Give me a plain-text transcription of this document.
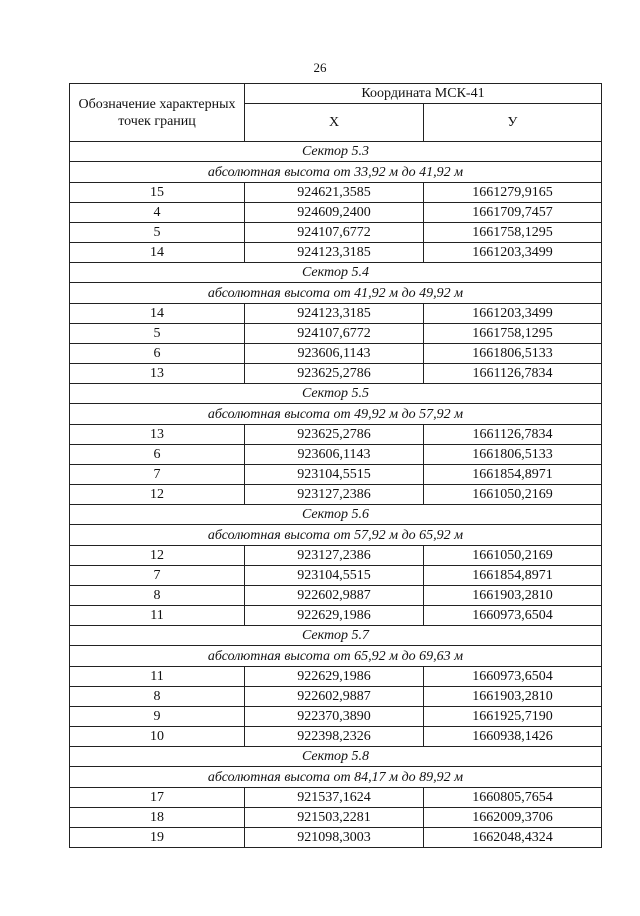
26
Обозначение характерных точек границ	Координата МСК-41	
	Х	У
Сектор 5.3		
абсолютная высота от 33,92 м до 41,92 м		
15	924621,3585	1661279,9165
4	924609,2400	1661709,7457
5	924107,6772	1661758,1295
14	924123,3185	1661203,3499
Сектор 5.4		
абсолютная высота от 41,92 м до 49,92 м		
14	924123,3185	1661203,3499
5	924107,6772	1661758,1295
6	923606,1143	1661806,5133
13	923625,2786	1661126,7834
Сектор 5.5		
абсолютная высота от 49,92 м до 57,92 м		
13	923625,2786	1661126,7834
6	923606,1143	1661806,5133
7	923104,5515	1661854,8971
12	923127,2386	1661050,2169
Сектор 5.6		
абсолютная высота от 57,92 м до 65,92 м		
12	923127,2386	1661050,2169
7	923104,5515	1661854,8971
8	922602,9887	1661903,2810
11	922629,1986	1660973,6504
Сектор 5.7		
абсолютная высота от 65,92 м до 69,63 м		
11	922629,1986	1660973,6504
8	922602,9887	1661903,2810
9	922370,3890	1661925,7190
10	922398,2326	1660938,1426
Сектор 5.8		
абсолютная высота от 84,17 м до 89,92 м		
17	921537,1624	1660805,7654
18	921503,2281	1662009,3706
19	921098,3003	1662048,4324
